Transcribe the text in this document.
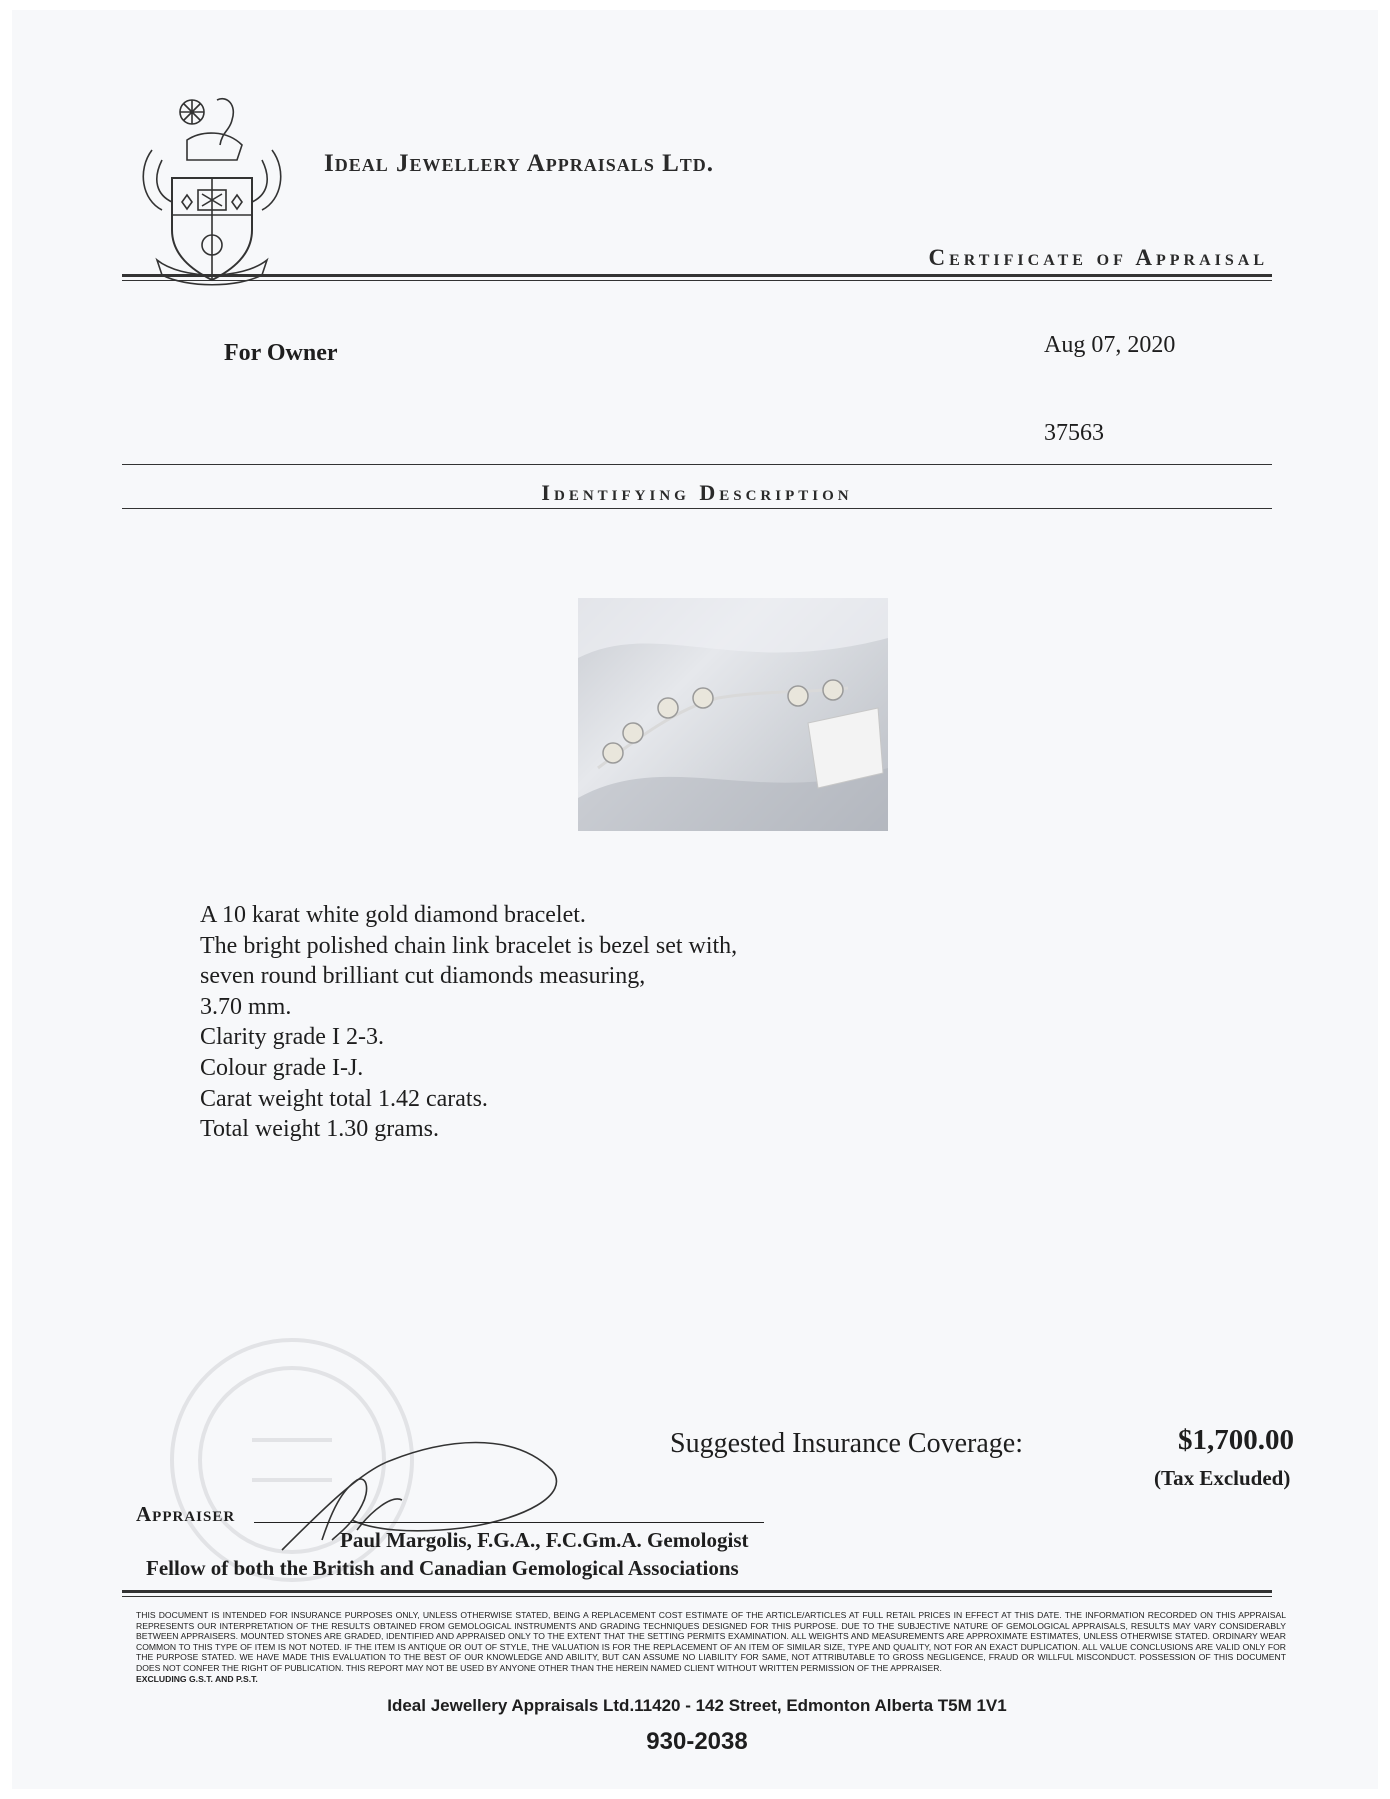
Ideal Jewellery Appraisals Ltd.
Certificate of Appraisal
For Owner	Aug 07, 2020
37563
Identifying Description
A 10 karat white gold diamond bracelet.
The bright polished chain link bracelet is bezel set with,
seven round brilliant cut diamonds measuring,
3.70 mm.
Clarity grade I 2-3.
Colour grade I-J.
Carat weight total 1.42 carats.
Total weight 1.30 grams.
Suggested Insurance Coverage:	$1,700.00
(Tax Excluded)
Appraiser
Paul Margolis, F.G.A., F.C.Gm.A. Gemologist
Fellow of both the British and Canadian Gemological Associations
THIS DOCUMENT IS INTENDED FOR INSURANCE PURPOSES ONLY, UNLESS OTHERWISE STATED, BEING A REPLACEMENT COST ESTIMATE OF THE ARTICLE/ARTICLES AT FULL RETAIL PRICES IN EFFECT AT THIS DATE. THE INFORMATION RECORDED ON THIS APPRAISAL REPRESENTS OUR INTERPRETATION OF THE RESULTS OBTAINED FROM GEMOLOGICAL INSTRUMENTS AND GRADING TECHNIQUES DESIGNED FOR THIS PURPOSE. DUE TO THE SUBJECTIVE NATURE OF GEMOLOGICAL APPRAISALS, RESULTS MAY VARY CONSIDERABLY BETWEEN APPRAISERS. MOUNTED STONES ARE GRADED, IDENTIFIED AND APPRAISED ONLY TO THE EXTENT THAT THE SETTING PERMITS EXAMINATION. ALL WEIGHTS AND MEASUREMENTS ARE APPROXIMATE ESTIMATES, UNLESS OTHERWISE STATED. ORDINARY WEAR COMMON TO THIS TYPE OF ITEM IS NOT NOTED. IF THE ITEM IS ANTIQUE OR OUT OF STYLE, THE VALUATION IS FOR THE REPLACEMENT OF AN ITEM OF SIMILAR SIZE, TYPE AND QUALITY, NOT FOR AN EXACT DUPLICATION. ALL VALUE CONCLUSIONS ARE VALID ONLY FOR THE PURPOSE STATED. WE HAVE MADE THIS EVALUATION TO THE BEST OF OUR KNOWLEDGE AND ABILITY, BUT CAN ASSUME NO LIABILITY FOR SAME, NOT ATTRIBUTABLE TO GROSS NEGLIGENCE, FRAUD OR WILLFUL MISCONDUCT. POSSESSION OF THIS DOCUMENT DOES NOT CONFER THE RIGHT OF PUBLICATION. THIS REPORT MAY NOT BE USED BY ANYONE OTHER THAN THE HEREIN NAMED CLIENT WITHOUT WRITTEN PERMISSION OF THE APPRAISER.
EXCLUDING G.S.T. AND P.S.T.
Ideal Jewellery Appraisals Ltd.11420 - 142 Street, Edmonton Alberta T5M 1V1
930-2038
